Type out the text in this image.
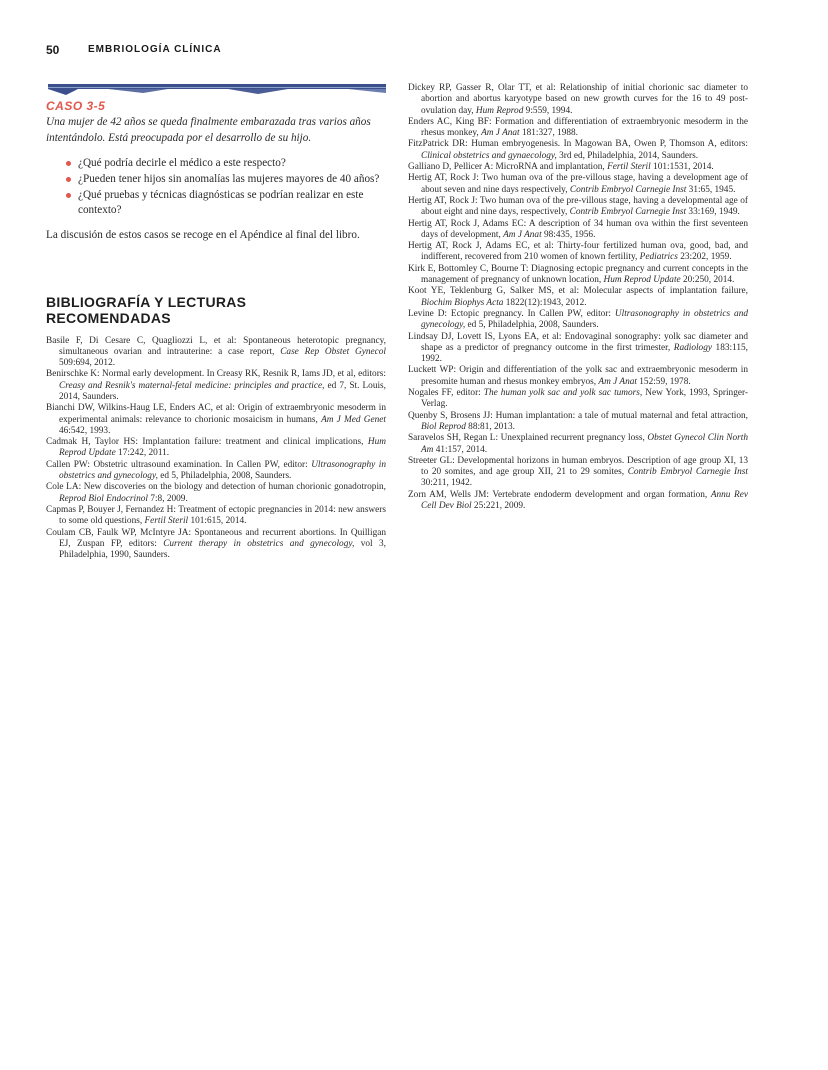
50	EMBRIOLOGÍA CLÍNICA
CASO 3-5
Una mujer de 42 años se queda finalmente embarazada tras varios años intentándolo. Está preocupada por el desarrollo de su hijo.
¿Qué podría decirle el médico a este respecto?
¿Pueden tener hijos sin anomalías las mujeres mayores de 40 años?
¿Qué pruebas y técnicas diagnósticas se podrían realizar en este contexto?
La discusión de estos casos se recoge en el Apéndice al final del libro.
BIBLIOGRAFÍA Y LECTURAS RECOMENDADAS

Basile F, Di Cesare C, Quagliozzi L, et al: Spontaneous heterotopic pregnancy, simultaneous ovarian and intrauterine: a case report, Case Rep Obstet Gynecol 509:694, 2012.

Benirschke K: Normal early development. In Creasy RK, Resnik R, Iams JD, et al, editors: Creasy and Resnik's maternal-fetal medicine: principles and practice, ed 7, St. Louis, 2014, Saunders.

Bianchi DW, Wilkins-Haug LE, Enders AC, et al: Origin of extraembryonic mesoderm in experimental animals: relevance to chorionic mosaicism in humans, Am J Med Genet 46:542, 1993.

Cadmak H, Taylor HS: Implantation failure: treatment and clinical implications, Hum Reprod Update 17:242, 2011.

Callen PW: Obstetric ultrasound examination. In Callen PW, editor: Ultrasonography in obstetrics and gynecology, ed 5, Philadelphia, 2008, Saunders.

Cole LA: New discoveries on the biology and detection of human chorionic gonadotropin, Reprod Biol Endocrinol 7:8, 2009.

Capmas P, Bouyer J, Fernandez H: Treatment of ectopic pregnancies in 2014: new answers to some old questions, Fertil Steril 101:615, 2014.

Coulam CB, Faulk WP, McIntyre JA: Spontaneous and recurrent abortions. In Quilligan EJ, Zuspan FP, editors: Current therapy in obstetrics and gynecology, vol 3, Philadelphia, 1990, Saunders.

Dickey RP, Gasser R, Olar TT, et al: Relationship of initial chorionic sac diameter to abortion and abortus karyotype based on new growth curves for the 16 to 49 post-ovulation day, Hum Reprod 9:559, 1994.

Enders AC, King BF: Formation and differentiation of extraembryonic mesoderm in the rhesus monkey, Am J Anat 181:327, 1988.

FitzPatrick DR: Human embryogenesis. In Magowan BA, Owen P, Thomson A, editors: Clinical obstetrics and gynaecology, 3rd ed, Philadelphia, 2014, Saunders.

Galliano D, Pellicer A: MicroRNA and implantation, Fertil Steril 101:1531, 2014.

Hertig AT, Rock J: Two human ova of the pre-villous stage, having a development age of about seven and nine days respectively, Contrib Embryol Carnegie Inst 31:65, 1945.

Hertig AT, Rock J: Two human ova of the pre-villous stage, having a developmental age of about eight and nine days, respectively, Contrib Embryol Carnegie Inst 33:169, 1949.

Hertig AT, Rock J, Adams EC: A description of 34 human ova within the first seventeen days of development, Am J Anat 98:435, 1956.

Hertig AT, Rock J, Adams EC, et al: Thirty-four fertilized human ova, good, bad, and indifferent, recovered from 210 women of known fertility, Pediatrics 23:202, 1959.

Kirk E, Bottomley C, Bourne T: Diagnosing ectopic pregnancy and current concepts in the management of pregnancy of unknown location, Hum Reprod Update 20:250, 2014.

Koot YE, Teklenburg G, Salker MS, et al: Molecular aspects of implantation failure, Biochim Biophys Acta 1822(12):1943, 2012.

Levine D: Ectopic pregnancy. In Callen PW, editor: Ultrasonography in obstetrics and gynecology, ed 5, Philadelphia, 2008, Saunders.

Lindsay DJ, Lovett IS, Lyons EA, et al: Endovaginal sonography: yolk sac diameter and shape as a predictor of pregnancy outcome in the first trimester, Radiology 183:115, 1992.

Luckett WP: Origin and differentiation of the yolk sac and extraembryonic mesoderm in presomite human and rhesus monkey embryos, Am J Anat 152:59, 1978.

Nogales FF, editor: The human yolk sac and yolk sac tumors, New York, 1993, Springer-Verlag.

Quenby S, Brosens JJ: Human implantation: a tale of mutual maternal and fetal attraction, Biol Reprod 88:81, 2013.

Saravelos SH, Regan L: Unexplained recurrent pregnancy loss, Obstet Gynecol Clin North Am 41:157, 2014.

Streeter GL: Developmental horizons in human embryos. Description of age group XI, 13 to 20 somites, and age group XII, 21 to 29 somites, Contrib Embryol Carnegie Inst 30:211, 1942.

Zorn AM, Wells JM: Vertebrate endoderm development and organ formation, Annu Rev Cell Dev Biol 25:221, 2009.
